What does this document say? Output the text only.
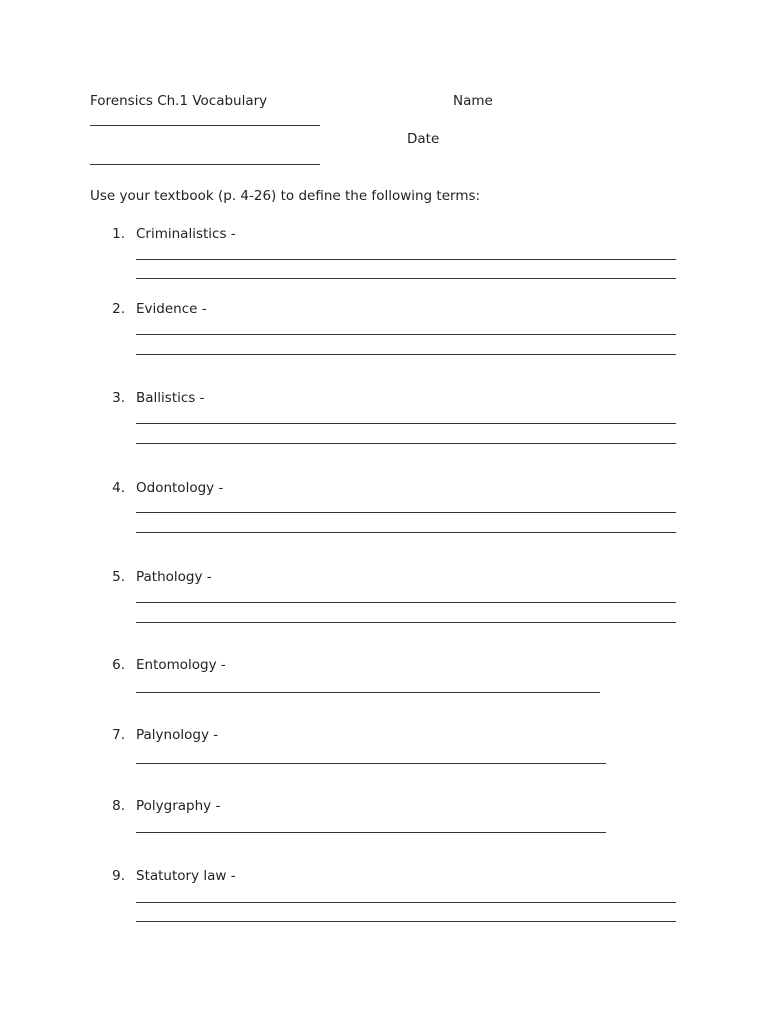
Forensics Ch.1 Vocabulary	Name
Date
Use your textbook (p. 4-26) to define the following terms:
1. Criminalistics -
2. Evidence -
3. Ballistics -
4. Odontology -
5. Pathology -
6. Entomology -
7. Palynology -
8. Polygraphy -
9. Statutory law -
